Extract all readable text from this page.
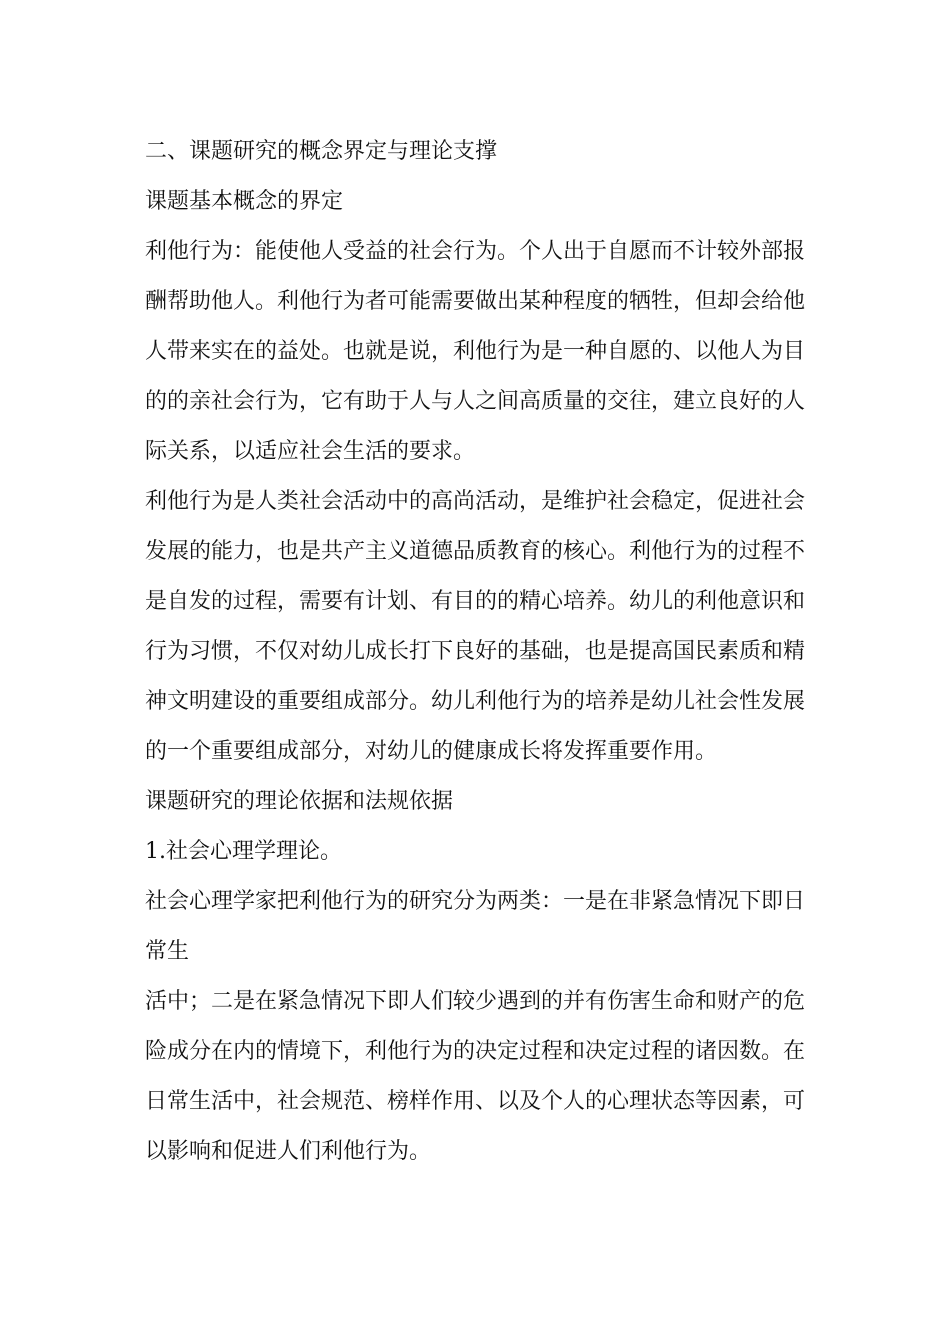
二、课题研究的概念界定与理论支撑

课题基本概念的界定

利他行为：能使他人受益的社会行为。个人出于自愿而不计较外部报酬帮助他人。利他行为者可能需要做出某种程度的牺牲，但却会给他人带来实在的益处。也就是说，利他行为是一种自愿的、以他人为目的的亲社会行为，它有助于人与人之间高质量的交往，建立良好的人际关系，以适应社会生活的要求。

利他行为是人类社会活动中的高尚活动，是维护社会稳定，促进社会发展的能力，也是共产主义道德品质教育的核心。利他行为的过程不是自发的过程，需要有计划、有目的的精心培养。幼儿的利他意识和行为习惯，不仅对幼儿成长打下良好的基础，也是提高国民素质和精神文明建设的重要组成部分。幼儿利他行为的培养是幼儿社会性发展的一个重要组成部分，对幼儿的健康成长将发挥重要作用。

课题研究的理论依据和法规依据

1.社会心理学理论。

社会心理学家把利他行为的研究分为两类：一是在非紧急情况下即日常生

活中；二是在紧急情况下即人们较少遇到的并有伤害生命和财产的危险成分在内的情境下，利他行为的决定过程和决定过程的诸因数。在日常生活中，社会规范、榜样作用、以及个人的心理状态等因素，可以影响和促进人们利他行为。
